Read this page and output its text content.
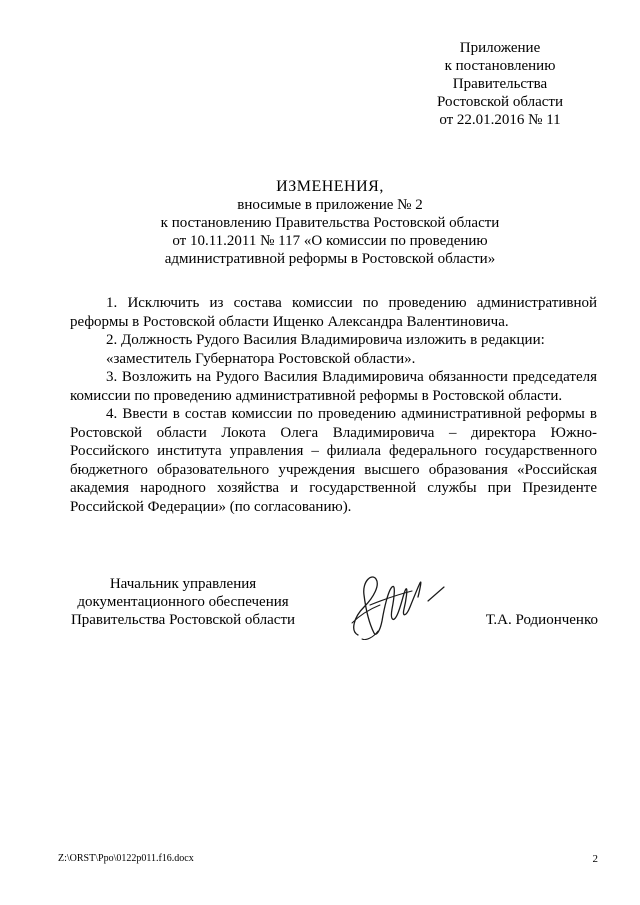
Приложение
к постановлению
Правительства
Ростовской области
от 22.01.2016 № 11
ИЗМЕНЕНИЯ,
вносимые в приложение № 2
к постановлению Правительства Ростовской области
от 10.11.2011 № 117 «О комиссии по проведению
административной реформы в Ростовской области»

1. Исключить из состава комиссии по проведению административной реформы в Ростовской области Ищенко Александра Валентиновича.

2. Должность Рудого Василия Владимировича изложить в редакции:

«заместитель Губернатора Ростовской области».

3. Возложить на Рудого Василия Владимировича обязанности председателя комиссии по проведению административной реформы в Ростовской области.

4. Ввести в состав комиссии по проведению административной реформы в Ростовской области Локота Олега Владимировича – директора Южно-Российского института управления – филиала федерального государственного бюджетного образовательного учреждения высшего образования «Российская академия народного хозяйства и государственной службы при Президенте Российской Федерации» (по согласованию).

Начальник управления
документационного обеспечения
Правительства Ростовской области	Т.А. Родионченко
Z:\ORST\Ppo\0122p011.f16.docx	2
